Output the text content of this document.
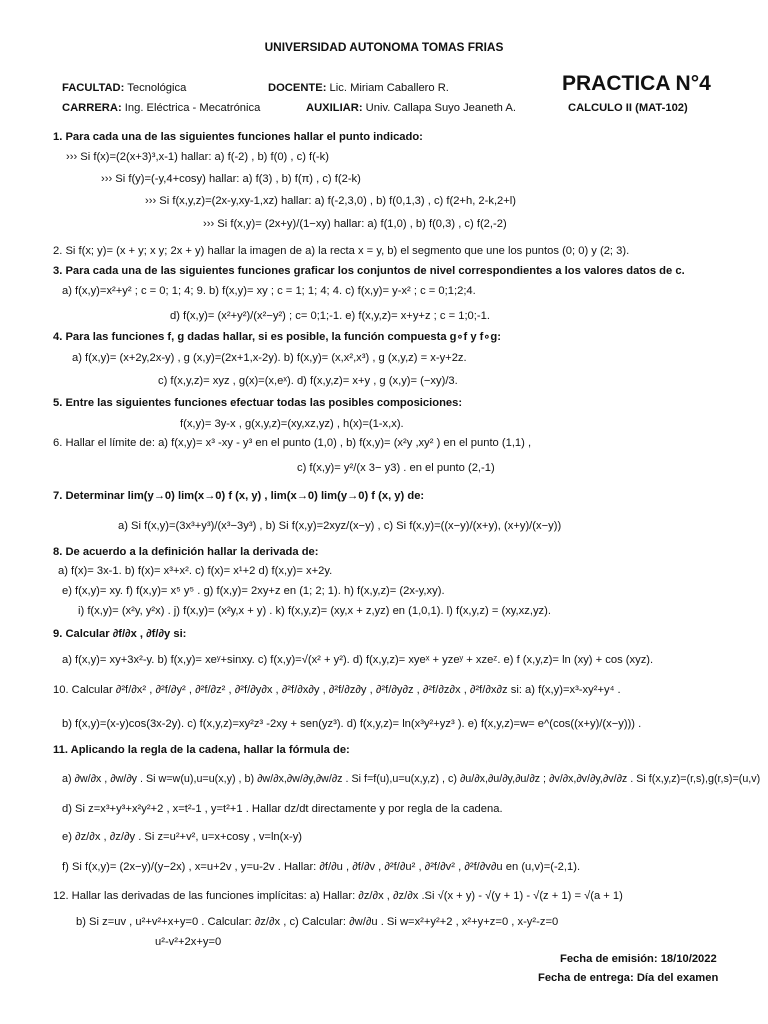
UNIVERSIDAD AUTONOMA TOMAS FRIAS
FACULTAD: Tecnológica	DOCENTE: Lic. Miriam Caballero R.	PRACTICA N°4
CARRERA: Ing. Eléctrica - Mecatrónica	AUXILIAR: Univ. Callapa Suyo Jeaneth A.	CALCULO II (MAT-102)
1. Para cada una de las siguientes funciones hallar el punto indicado:
››› Si f(x)=(2(x+3)³,x-1) hallar: a) f(-2) , b) f(0) , c) f(-k)
››› Si f(y)=(-y,4+cosy) hallar: a) f(3) , b) f(π) , c) f(2-k)
››› Si f(x,y,z)=(2x-y,xy-1,xz) hallar: a) f(-2,3,0) , b) f(0,1,3) , c) f(2+h, 2-k,2+l)
››› Si f(x,y)= (2x+y)/(1−xy) hallar: a) f(1,0) , b) f(0,3) , c) f(2,-2)
2. Si f(x; y)= (x + y; x y; 2x + y) hallar la imagen de a) la recta x = y, b) el segmento que une los puntos (0; 0) y (2; 3).
3. Para cada una de las siguientes funciones graficar los conjuntos de nivel correspondientes a los valores datos de c.
a) f(x,y)=x²+y² ; c = 0; 1; 4; 9. b) f(x,y)= xy ; c = 1; 1; 4; 4. c) f(x,y)= y-x² ; c = 0;1;2;4.
d) f(x,y)= (x²+y²)/(x²−y²) ; c= 0;1;-1. e) f(x,y,z)= x+y+z ; c = 1;0;-1.
4. Para las funciones f, g dadas hallar, si es posible, la función compuesta g∘f y f∘g:
a) f(x,y)= (x+2y,2x-y) , g (x,y)=(2x+1,x-2y). b) f(x,y)= (x,x²,x³) , g (x,y,z) = x-y+2z.
c) f(x,y,z)= xyz , g(x)=(x,eˣ). d) f(x,y,z)= x+y , g (x,y)= (−xy)/3.
5. Entre las siguientes funciones efectuar todas las posibles composiciones:
f(x,y)= 3y-x , g(x,y,z)=(xy,xz,yz) , h(x)=(1-x,x).
6. Hallar el límite de: a) f(x,y)= x³ -xy - y³ en el punto (1,0) , b) f(x,y)= (x²y ,xy² ) en el punto (1,1) ,
c) f(x,y)= y²/(x 3− y3) . en el punto (2,-1)
7. Determinar lim(y→0) lim(x→0) f (x, y) , lim(x→0) lim(y→0) f (x, y) de:
a) Si f(x,y)=(3x³+y³)/(x³−3y³) , b) Si f(x,y)=2xyz/(x−y) , c) Si f(x,y)=((x−y)/(x+y), (x+y)/(x−y))
8. De acuerdo a la definición hallar la derivada de:
a) f(x)= 3x-1. b) f(x)= x³+x². c) f(x)= x¹+2 d) f(x,y)= x+2y.
e) f(x,y)= xy. f) f(x,y)= x⁵ y⁵ . g) f(x,y)= 2xy+z en (1; 2; 1). h) f(x,y,z)= (2x-y,xy).
i) f(x,y)= (x²y, y²x) . j) f(x,y)= (x²y,x + y) . k) f(x,y,z)= (xy,x + z,yz) en (1,0,1). l) f(x,y,z) = (xy,xz,yz).
9. Calcular ∂f/∂x , ∂f/∂y si:
a) f(x,y)= xy+3x²-y. b) f(x,y)= xeʸ+sinxy. c) f(x,y)=√(x² + y²). d) f(x,y,z)= xyeˣ + yzeʸ + xzeᶻ. e) f (x,y,z)= ln (xy) + cos (xyz).
10. Calcular ∂²f/∂x² , ∂²f/∂y² , ∂²f/∂z² , ∂²f/∂y∂x , ∂²f/∂x∂y , ∂²f/∂z∂y , ∂²f/∂y∂z , ∂²f/∂z∂x , ∂²f/∂x∂z si: a) f(x,y)=x³-xy²+y⁴ .
b) f(x,y)=(x-y)cos(3x-2y). c) f(x,y,z)=xy²z³ -2xy + sen(yz³). d) f(x,y,z)= ln(x³y²+yz³ ). e) f(x,y,z)=w= e^(cos((x+y)/(x−y))) .
11. Aplicando la regla de la cadena, hallar la fórmula de:
a) ∂w/∂x , ∂w/∂y . Si w=w(u),u=u(x,y) , b) ∂w/∂x,∂w/∂y,∂w/∂z . Si f=f(u),u=u(x,y,z) , c) ∂u/∂x,∂u/∂y,∂u/∂z ; ∂v/∂x,∂v/∂y,∂v/∂z . Si f(x,y,z)=(r,s),g(r,s)=(u,v)
d) Si z=x³+y³+x²y²+2 , x=t²-1 , y=t²+1 . Hallar dz/dt directamente y por regla de la cadena.
e) ∂z/∂x , ∂z/∂y . Si z=u²+v², u=x+cosy , v=ln(x-y)
f) Si f(x,y)= (2x−y)/(y−2x) , x=u+2v , y=u-2v . Hallar: ∂f/∂u , ∂f/∂v , ∂²f/∂u² , ∂²f/∂v² , ∂²f/∂v∂u en (u,v)=(-2,1).
12. Hallar las derivadas de las funciones implícitas: a) Hallar: ∂z/∂x , ∂z/∂x .Si √(x + y) - √(y + 1) - √(z + 1) = √(a + 1)
b) Si z=uv , u²+v²+x+y=0 . Calcular: ∂z/∂x , c) Calcular: ∂w/∂u . Si w=x²+y²+2 , x²+y+z=0 , x-y²-z=0
u²-v²+2x+y=0
Fecha de emisión: 18/10/2022
Fecha de entrega: Día del examen
